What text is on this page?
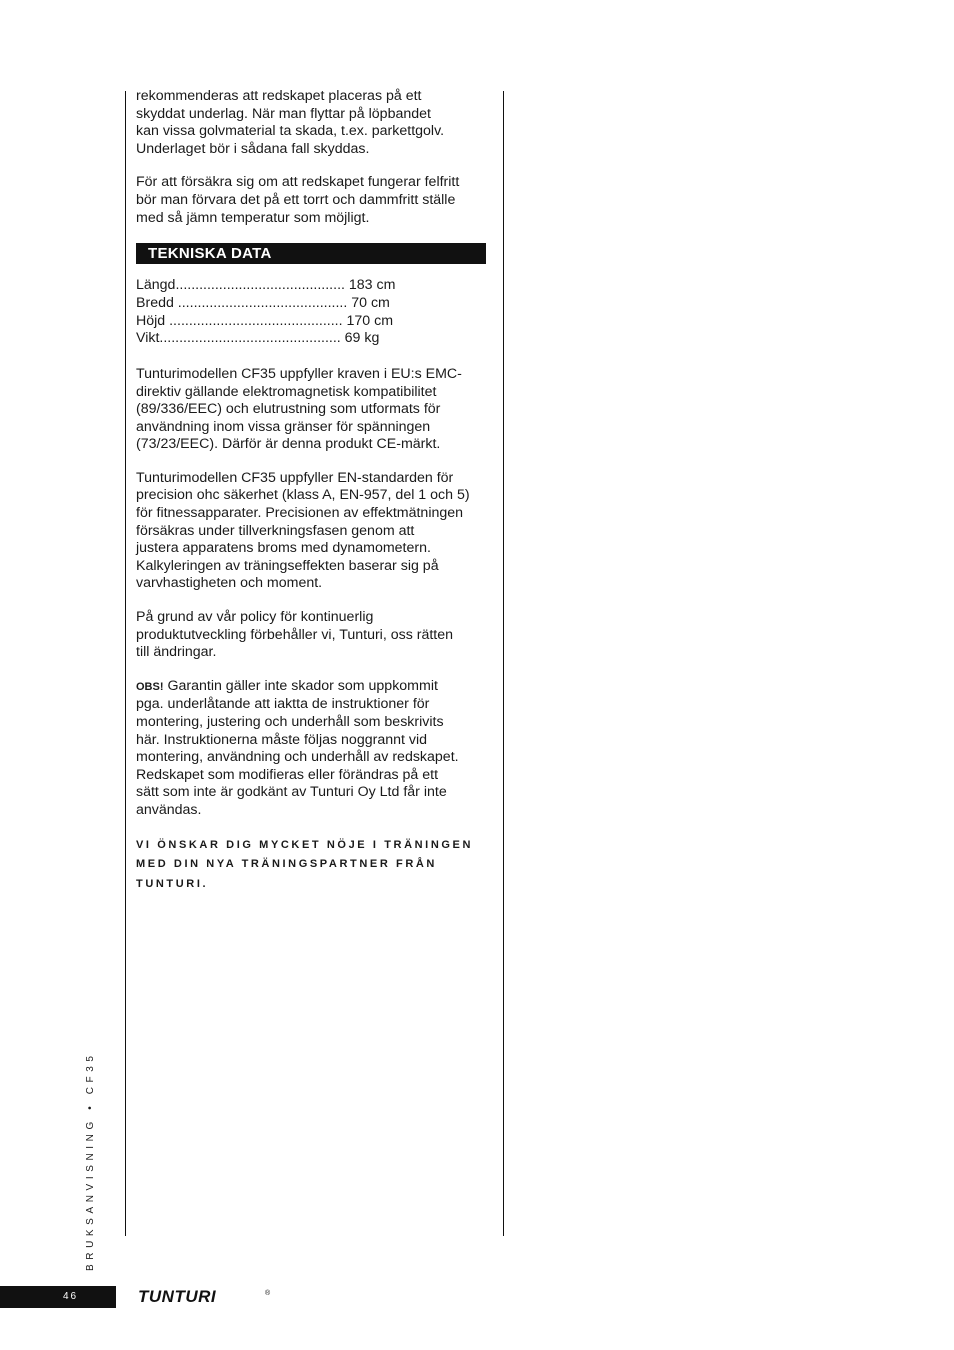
rekommenderas att redskapet placeras på ett
skyddat underlag. När man flyttar på löpbandet
kan vissa golvmaterial ta skada, t.ex. parkettgolv.
Underlaget bör i sådana fall skyddas.

För att försäkra sig om att redskapet fungerar felfritt
bör man förvara det på ett torrt och dammfritt ställe
med så jämn temperatur som möjligt.

TEKNISKA DATA
Längd........................................... 183 cm
Bredd ........................................... 70 cm
Höjd ............................................ 170 cm
Vikt.............................................. 69 kg

Tunturimodellen CF35 uppfyller kraven i EU:s EMC-
direktiv gällande elektromagnetisk kompatibilitet
(89/336/EEC) och elutrustning som utformats för
användning inom vissa gränser för spänningen
(73/23/EEC). Därför är denna produkt CE-märkt.

Tunturimodellen CF35 uppfyller EN-standarden för
precision ohc säkerhet (klass A, EN-957, del 1 och 5)
för fitnessapparater. Precisionen av effektmätningen
försäkras under tillverkningsfasen genom att
justera apparatens broms med dynamometern.
Kalkyleringen av träningseffekten baserar sig på
varvhastigheten och moment.

På grund av vår policy för kontinuerlig
produktutveckling förbehåller vi, Tunturi, oss rätten
till ändringar.

OBS! Garantin gäller inte skador som uppkommit
pga. underlåtande att iaktta de instruktioner för
montering, justering och underhåll som beskrivits
här. Instruktionerna måste följas noggrannt vid
montering, användning och underhåll av redskapet.
Redskapet som modifieras eller förändras på ett
sätt som inte är godkänt av Tunturi Oy Ltd får inte
användas.

VI ÖNSKAR DIG MYCKET NÖJE I TRÄNINGEN
MED DIN NYA TRÄNINGSPARTNER FRÅN
TUNTURI.
BRUKSANVISNING • CF35
46	TUNTURI	®
